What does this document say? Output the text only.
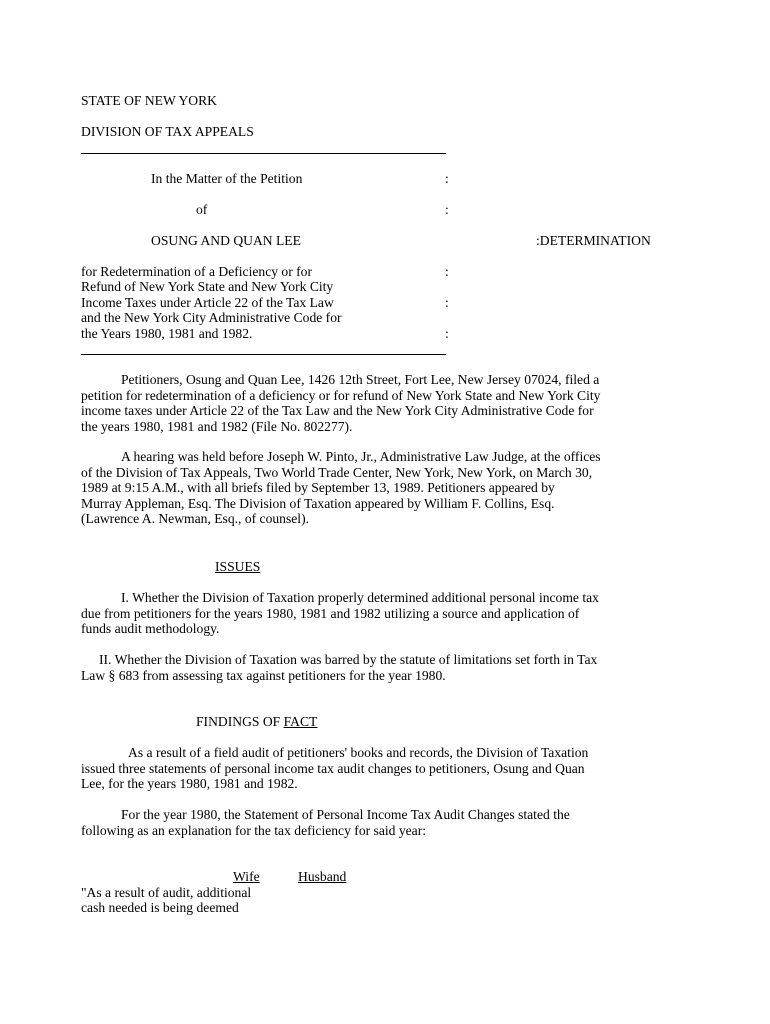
STATE OF NEW YORK
DIVISION OF TAX APPEALS
In the Matter of the Petition	:
of	:
OSUNG AND QUAN LEE	:DETERMINATION
for Redetermination of a Deficiency or for	:
Refund of New York State and New York City
Income Taxes under Article 22 of the Tax Law	:
and the New York City Administrative Code for
the Years 1980, 1981 and 1982.	:
Petitioners, Osung and Quan Lee, 1426 12th Street, Fort Lee, New Jersey 07024, filed a
petition for redetermination of a deficiency or for refund of New York State and New York City
income taxes under Article 22 of the Tax Law and the New York City Administrative Code for
the years 1980, 1981 and 1982 (File No. 802277).
A hearing was held before Joseph W. Pinto, Jr., Administrative Law Judge, at the offices
of the Division of Tax Appeals, Two World Trade Center, New York, New York, on March 30,
1989 at 9:15 A.M., with all briefs filed by September 13, 1989. Petitioners appeared by
Murray Appleman, Esq. The Division of Taxation appeared by William F. Collins, Esq.
(Lawrence A. Newman, Esq., of counsel).
ISSUES
I. Whether the Division of Taxation properly determined additional personal income tax
due from petitioners for the years 1980, 1981 and 1982 utilizing a source and application of
funds audit methodology.
II. Whether the Division of Taxation was barred by the statute of limitations set forth in Tax
Law § 683 from assessing tax against petitioners for the year 1980.
FINDINGS OF FACT
As a result of a field audit of petitioners' books and records, the Division of Taxation
issued three statements of personal income tax audit changes to petitioners, Osung and Quan
Lee, for the years 1980, 1981 and 1982.
For the year 1980, the Statement of Personal Income Tax Audit Changes stated the
following as an explanation for the tax deficiency for said year:
Wife	Husband
"As a result of audit, additional
cash needed is being deemed
